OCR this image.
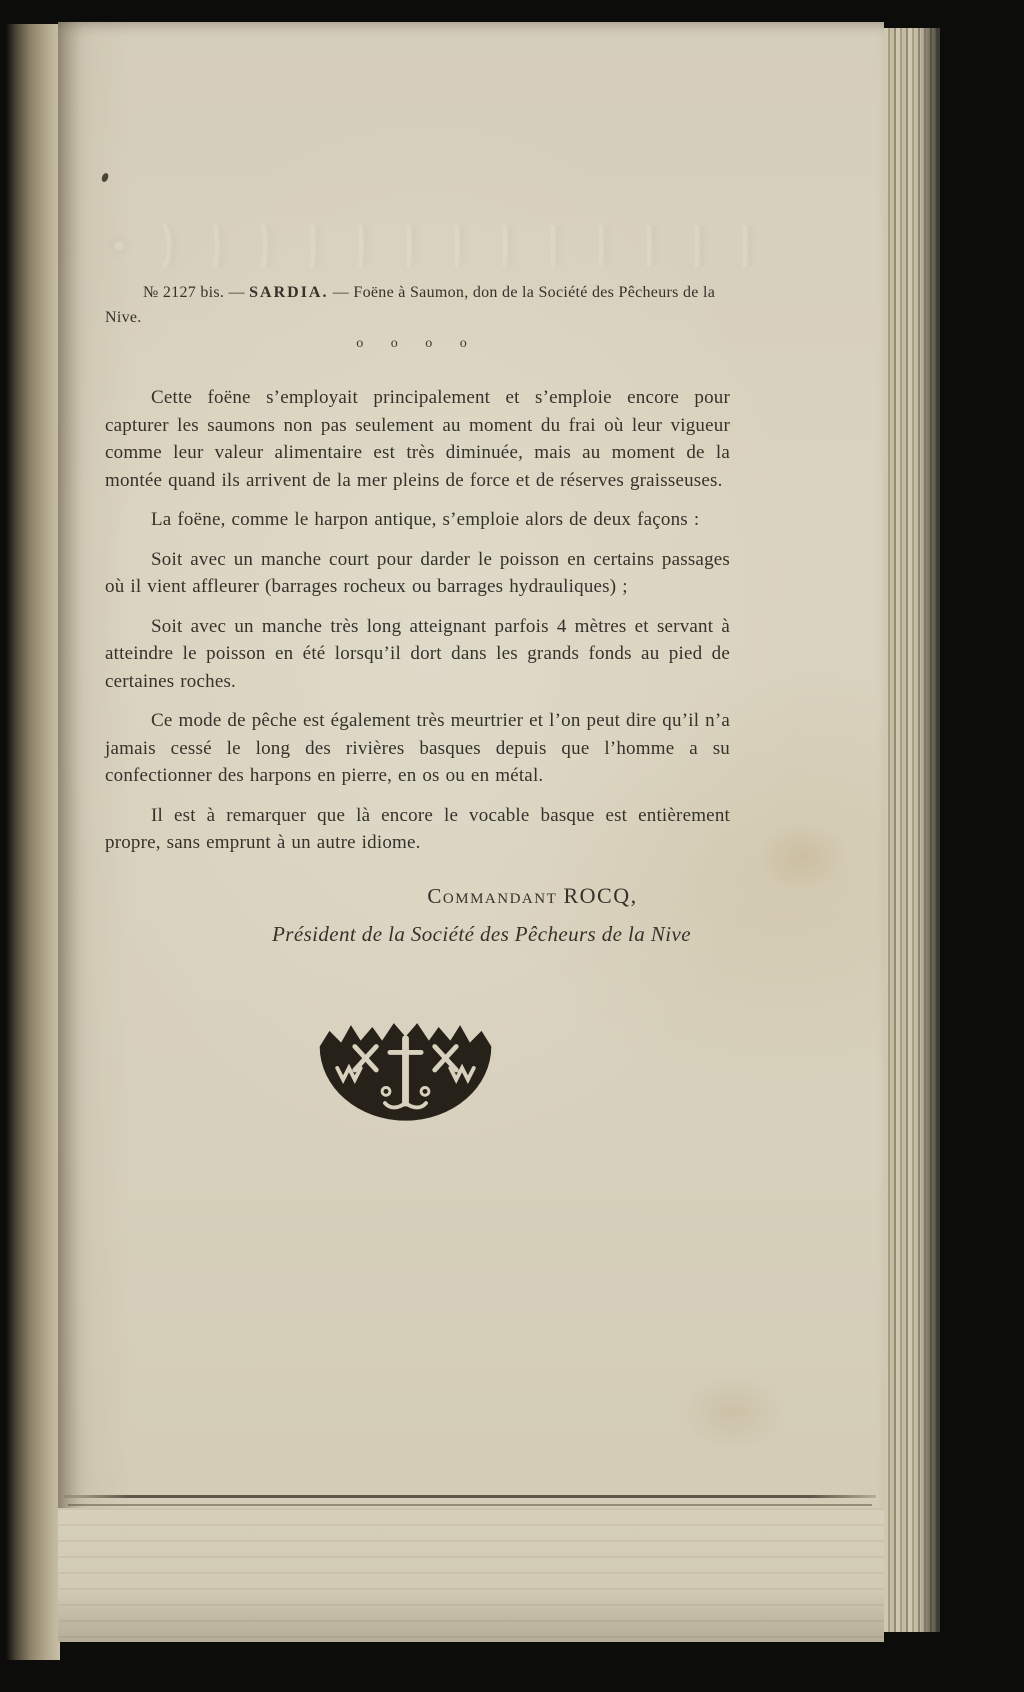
№ 2127 bis. — SARDIA. — Foëne à Saumon, don de la Société des Pêcheurs de la Nive.

o o o o

Cette foëne s’employait principalement et s’emploie encore pour capturer les saumons non pas seulement au moment du frai où leur vigueur comme leur valeur alimentaire est très diminuée, mais au moment de la montée quand ils arrivent de la mer pleins de force et de réserves graisseuses.

La foëne, comme le harpon antique, s’emploie alors de deux façons :

Soit avec un manche court pour darder le poisson en certains passages où il vient affleurer (barrages rocheux ou barrages hydrauliques) ;

Soit avec un manche très long atteignant parfois 4 mètres et servant à atteindre le poisson en été lorsqu’il dort dans les grands fonds au pied de certaines roches.

Ce mode de pêche est également très meurtrier et l’on peut dire qu’il n’a jamais cessé le long des rivières basques depuis que l’homme a su confectionner des harpons en pierre, en os ou en métal.

Il est à remarquer que là encore le vocable basque est entièrement propre, sans emprunt à un autre idiome.

Commandant ROCQ,
Président de la Société des Pêcheurs de la Nive
